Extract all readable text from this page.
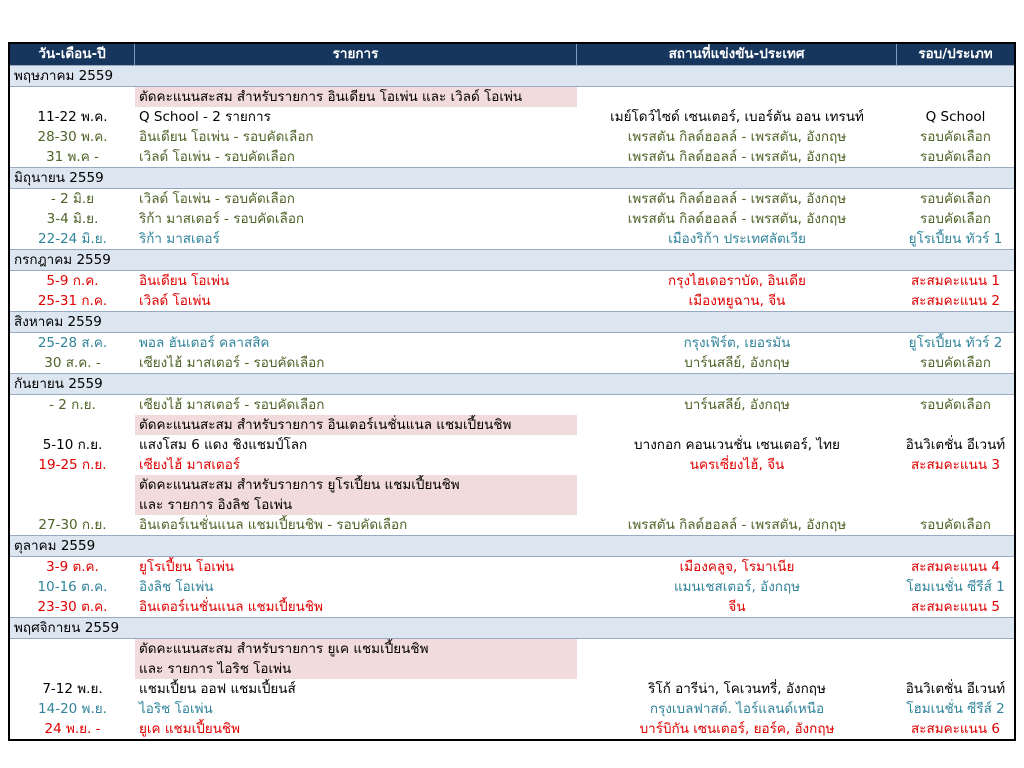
วัน-เดือน-ปี	รายการ	สถานที่แข่งขัน-ประเทศ	รอบ/ประเภท
พฤษภาคม 2559
ตัดคะแนนสะสม สำหรับรายการ อินเดียน โอเพ่น และ เวิลด์ โอเพ่น
11-22 พ.ค.	Q School - 2 รายการ	เมย์โดว์ไซด์ เซนเตอร์, เบอร์ตัน ออน เทรนท์	Q School
28-30 พ.ค.	อินเดียน โอเพ่น - รอบคัดเลือก	เพรสตัน กิลด์ฮอลล์ - เพรสตัน, อังกฤษ	รอบคัดเลือก
31 พ.ค -	เวิลด์ โอเพ่น - รอบคัดเลือก	เพรสตัน กิลด์ฮอลล์ - เพรสตัน, อังกฤษ	รอบคัดเลือก
มิถุนายน 2559
- 2 มิ.ย	เวิลด์ โอเพ่น - รอบคัดเลือก	เพรสตัน กิลด์ฮอลล์ - เพรสตัน, อังกฤษ	รอบคัดเลือก
3-4 มิ.ย.	ริก้า มาสเตอร์ - รอบคัดเลือก	เพรสตัน กิลด์ฮอลล์ - เพรสตัน, อังกฤษ	รอบคัดเลือก
22-24 มิ.ย.	ริก้า มาสเตอร์	เมืองริก้า ประเทศลัตเวีย	ยูโรเปี้ยน ทัวร์ 1
กรกฎาคม 2559
5-9 ก.ค.	อินเดียน โอเพ่น	กรุงไฮเดอราบัด, อินเดีย	สะสมคะแนน 1
25-31 ก.ค.	เวิลด์ โอเพ่น	เมืองหยูฉาน, จีน	สะสมคะแนน 2
สิงหาคม 2559
25-28 ส.ค.	พอล ฮันเตอร์ คลาสสิค	กรุงเฟิร์ต, เยอรมัน	ยูโรเปี้ยน ทัวร์ 2
30 ส.ค. -	เซียงไฮ้ มาสเตอร์ - รอบคัดเลือก	บาร์นสลีย์, อังกฤษ	รอบคัดเลือก
กันยายน 2559
- 2 ก.ย.	เซียงไฮ้ มาสเตอร์ - รอบคัดเลือก	บาร์นสลีย์, อังกฤษ	รอบคัดเลือก
ตัดคะแนนสะสม สำหรับรายการ อินเตอร์เนชั่นแนล แชมเปี้ยนชิพ
5-10 ก.ย.	แสงโสม 6 แดง ชิงแชมป์โลก	บางกอก คอนเวนชั่น เซนเตอร์, ไทย	อินวิเตชั่น อีเวนท์
19-25 ก.ย.	เซียงไฮ้ มาสเตอร์	นครเซี่ยงไฮ้, จีน	สะสมคะแนน 3
ตัดคะแนนสะสม สำหรับรายการ ยูโรเปี้ยน แชมเปี้ยนชิพ
และ รายการ อิงลิช โอเพ่น
27-30 ก.ย.	อินเตอร์เนชั่นแนล แชมเปี้ยนชิพ - รอบคัดเลือก	เพรสตัน กิลด์ฮอลล์ - เพรสตัน, อังกฤษ	รอบคัดเลือก
ตุลาคม 2559
3-9 ต.ค.	ยูโรเปี้ยน โอเพ่น	เมืองคลูจ, โรมาเนีย	สะสมคะแนน 4
10-16 ต.ค.	อิงลิช โอเพ่น	แมนเชสเตอร์, อังกฤษ	โฮมเนชั่น ซีรีส์ 1
23-30 ต.ค.	อินเตอร์เนชั่นแนล แชมเปี้ยนชิพ	จีน	สะสมคะแนน 5
พฤศจิกายน 2559
ตัดคะแนนสะสม สำหรับรายการ ยูเค แชมเปี้ยนชิพ
และ รายการ ไอริช โอเพ่น
7-12 พ.ย.	แชมเปี้ยน ออฟ แชมเปี้ยนส์	ริโก้ อารีน่า, โคเวนทรี่, อังกฤษ	อินวิเตชั่น อีเวนท์
14-20 พ.ย.	ไอริช โอเพ่น	กรุงเบลฟาสต์. ไอร์แลนด์เหนือ	โฮมเนชั่น ซีรีส์ 2
24 พ.ย. -	ยูเค แชมเปี้ยนชิพ	บาร์บิกัน เซนเตอร์, ยอร์ค, อังกฤษ	สะสมคะแนน 6
